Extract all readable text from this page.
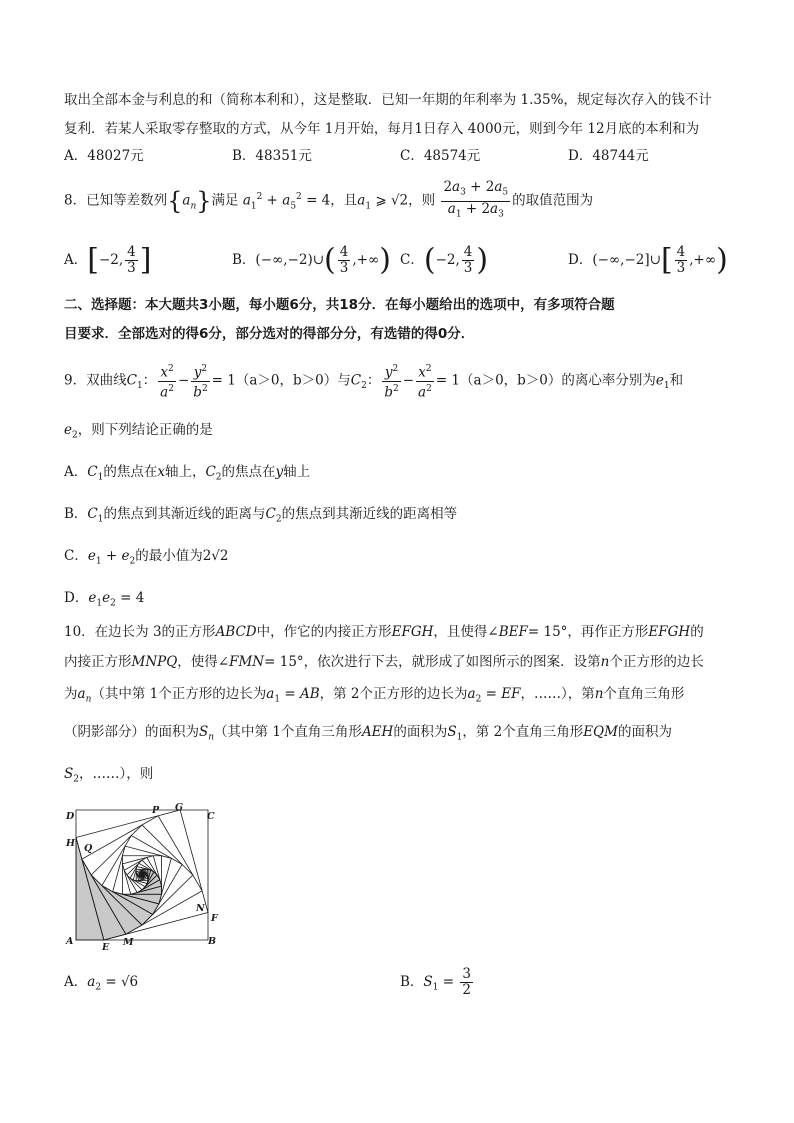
取出全部本金与利息的和（简称本利和），这是整取．已知一年期的年利率为 1.35%，规定每次存入的钱不计
复利．若某人采取零存整取的方式，从今年 1月开始，每月1日存入 4000元，则到今年 12月底的本利和为
A．48027元	B．48351元	C．48574元	D．48744元
8．已知等差数列$\{a_n\}$满足 $a_1^2 + a_5^2 = 4$，且$a_1$ ⩾ √2，则 $\frac{2a_3 + 2a_5}{a_1 + 2a_3}$ 的取值范围为
A．[−2, $\frac{4}{3}$ ]	B．(−∞,−2)∪( $\frac{4}{3}$ ,+∞) C．(−2, $\frac{4}{3}$ )	D．(−∞,−2]∪[ $\frac{4}{3}$ ,+∞)
二、选择题：本大题共3小题，每小题6分，共18分．在每小题给出的选项中，有多项符合题
目要求．全部选对的得6分，部分选对的得部分分，有选错的得0分．
9．双曲线$C_1$： $\frac{x^2}{a^2} - \frac{y^2}{b^2} = 1(a>0$，b＞0）与$C_2$： $\frac{y^2}{b^2} - \frac{x^2}{a^2} = 1(a>0$，b＞0）的离心率分别为$e_1$和
$e_2$，则下列结论正确的是
A．$C_1$的焦点在x轴上，$C_2$的焦点在y轴上
B．$C_1$的焦点到其渐近线的距离与$C_2$的焦点到其渐近线的距离相等
C．$e_1 + e_2$的最小值为2√2
D．$e_1e_2 = 4$
10．在边长为 3的正方形ABCD中，作它的内接正方形EFGH，且使得∠BEF= 15°，再作正方形EFGH的
内接正方形MNPQ，使得∠FMN= 15°，依次进行下去，就形成了如图所示的图案．设第n个正方形的边长
为$a_n$（其中第 1个正方形的边长为$a_1$ = AB，第 2个正方形的边长为$a_2$ = EF，……），第n个直角三角形
（阴影部分）的面积为$S_n$（其中第 1个直角三角形AEH的面积为$S_1$，第 2个直角三角形EQM的面积为
$S_2$，……），则
D
P G
C
H Q
N
F
A
E M	B
A．$a_2 = √6$	B．$S_1 = \frac{3}{2}$
